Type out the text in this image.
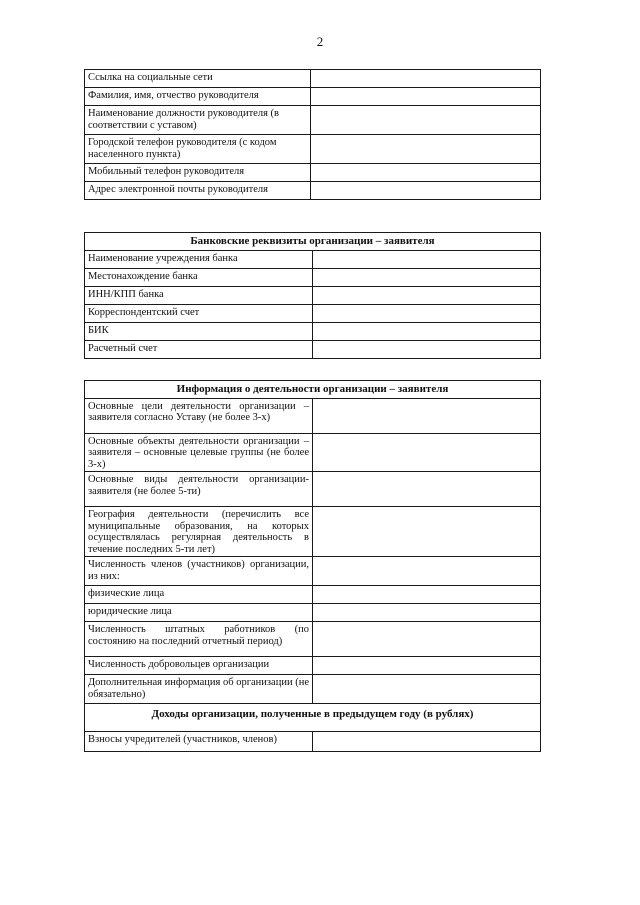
2
Ссылка на социальные сети	
Фамилия, имя, отчество руководителя	
Наименование должности руководителя (в соответствии с уставом)	
Городской телефон руководителя (с кодом населенного пункта)	
Мобильный телефон руководителя	
Адрес электронной почты руководителя	
Банковские реквизиты организации – заявителя	
Наименование учреждения банка	
Местонахождение банка	
ИНН/КПП банка	
Корреспондентский счет	
БИК	
Расчетный счет	
Информация о деятельности организации – заявителя	
Основные цели деятельности организации – заявителя согласно Уставу (не более 3-х)	
Основные объекты деятельности организации – заявителя – основные целевые группы (не более 3-х)	
Основные виды деятельности организации-заявителя (не более 5-ти)	
География деятельности (перечислить все муниципальные образования, на которых осуществлялась регулярная деятельность в течение последних 5-ти лет)	
Численность членов (участников) организации, из них:	
физические лица	
юридические лица	
Численность штатных работников (по состоянию на последний отчетный период)	
Численность добровольцев организации	
Дополнительная информация об организации (не обязательно)	
Доходы организации, полученные в предыдущем году (в рублях)	
Взносы учредителей (участников, членов)	
